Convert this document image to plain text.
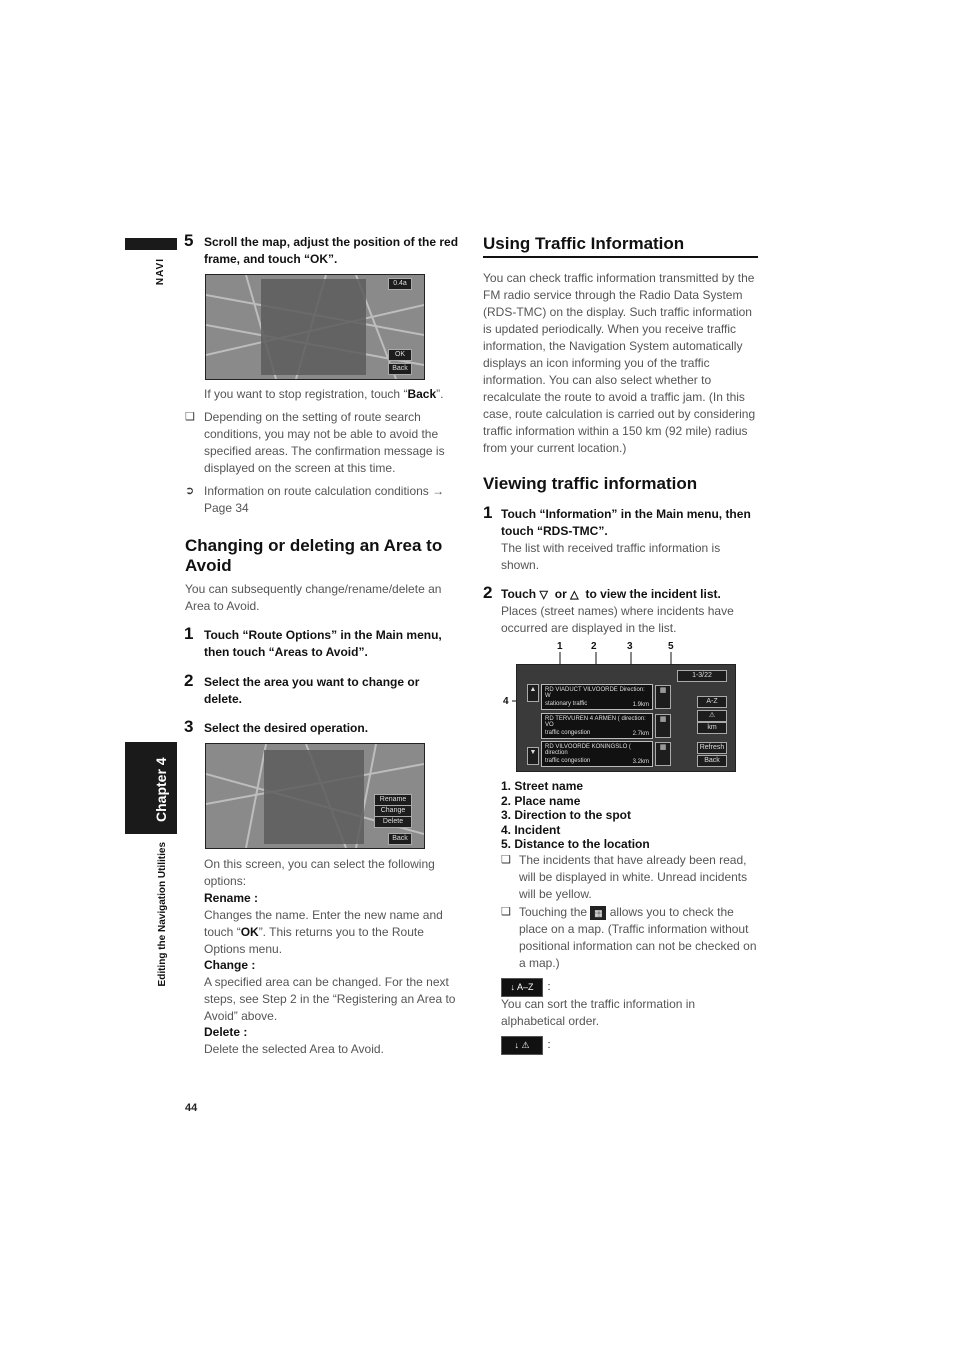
NAVI
Chapter 4
Editing the Navigation Utilities
44
5 Scroll the map, adjust the position of the red frame, and touch “OK”.
0.4a
OK
Back
If you want to stop registration, touch “Back”.
❑ Depending on the setting of route search conditions, you may not be able to avoid the specified areas. The confirmation message is displayed on the screen at this time.
➲ Information on route calculation conditions → Page 34
Changing or deleting an Area to Avoid
You can subsequently change/rename/delete an Area to Avoid.
1 Touch “Route Options” in the Main menu, then touch “Areas to Avoid”.
2 Select the area you want to change or delete.
3 Select the desired operation.
Rename
Change
Delete
Back
On this screen, you can select the following options:
Rename :
Changes the name. Enter the new name and touch “OK”. This returns you to the Route Options menu.
Change :
A specified area can be changed. For the next steps, see Step 2 in the “Registering an Area to Avoid” above.
Delete :
Delete the selected Area to Avoid.
Using Traffic Information
You can check traffic information transmitted by the FM radio service through the Radio Data System (RDS-TMC) on the display. Such traffic information is updated periodically. When you receive traffic information, the Navigation System automatically displays an icon informing you of the traffic information. You can also select whether to recalculate the route to avoid a traffic jam. (In this case, route calculation is carried out by considering traffic information within a 150 km (92 mile) radius from your current location.)
Viewing traffic information
1 Touch “Information” in the Main menu, then touch “RDS-TMC”.
The list with received traffic information is shown.
2 Touch ▽ or △ to view the incident list.
Places (street names) where incidents have occurred are displayed in the list.
1	2	3	5
4
▲
▼
1-3/22
RD VIADUCT VILVOORDE Direction: W
stationary traffic	1.9km
RD TERVUREN 4 ARMEN ( direction: VO
traffic congestion	2.7km
RD VILVOORDE KONINGSLO ( direction
traffic congestion	3.2km
▦
▦
▦
A-Z
⚠
km
Refresh
Back
1. Street name
2. Place name
3. Direction to the spot
4. Incident
5. Distance to the location
❑ The incidents that have already been read, will be displayed in white. Unread incidents will be yellow.
❑ Touching the ▦ allows you to check the place on a map. (Traffic information without positional information can not be checked on a map.)
↓ A–Z :
You can sort the traffic information in alphabetical order.
↓ ⚠ :
